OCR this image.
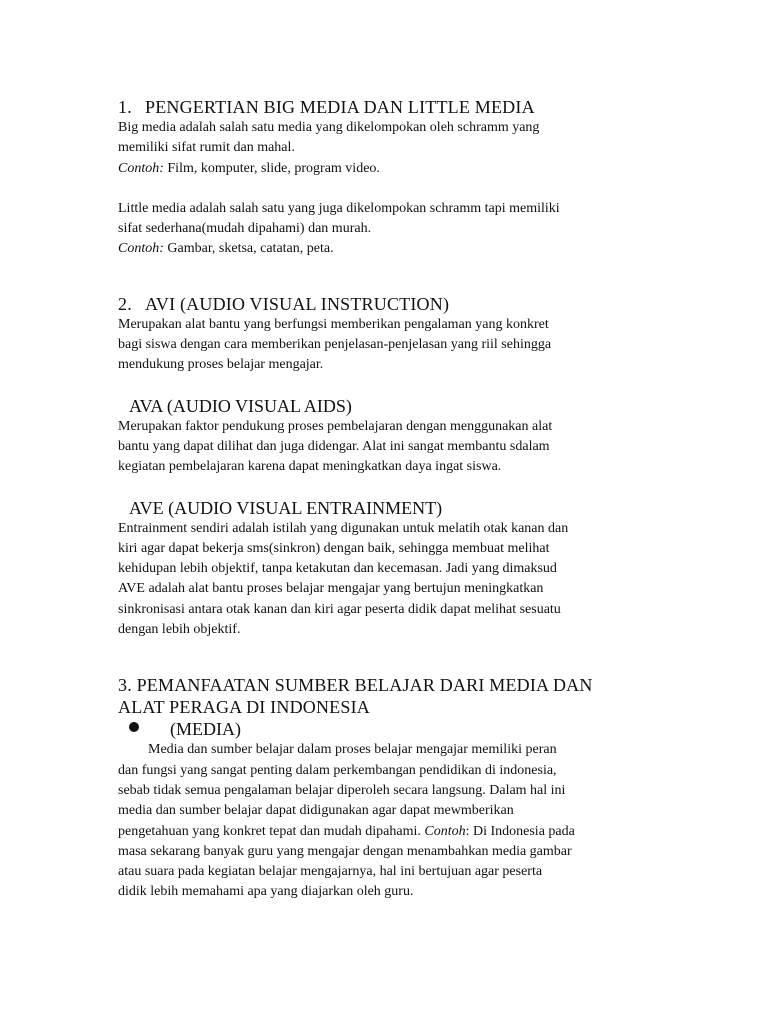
1. PENGERTIAN BIG MEDIA DAN LITTLE MEDIA
Big media adalah salah satu media yang dikelompokan oleh schramm yang
memiliki sifat rumit dan mahal.
Contoh: Film, komputer, slide, program video.
Little media adalah salah satu yang juga dikelompokan schramm tapi memiliki
sifat sederhana(mudah dipahami) dan murah.
Contoh: Gambar, sketsa, catatan, peta.
2. AVI (AUDIO VISUAL INSTRUCTION)
Merupakan alat bantu yang berfungsi memberikan pengalaman yang konkret
bagi siswa dengan cara memberikan penjelasan-penjelasan yang riil sehingga
mendukung proses belajar mengajar.
AVA (AUDIO VISUAL AIDS)
Merupakan faktor pendukung proses pembelajaran dengan menggunakan alat
bantu yang dapat dilihat dan juga didengar. Alat ini sangat membantu sdalam
kegiatan pembelajaran karena dapat meningkatkan daya ingat siswa.
AVE (AUDIO VISUAL ENTRAINMENT)
Entrainment sendiri adalah istilah yang digunakan untuk melatih otak kanan dan
kiri agar dapat bekerja sms(sinkron) dengan baik, sehingga membuat melihat
kehidupan lebih objektif, tanpa ketakutan dan kecemasan. Jadi yang dimaksud
AVE adalah alat bantu proses belajar mengajar yang bertujun meningkatkan
sinkronisasi antara otak kanan dan kiri agar peserta didik dapat melihat sesuatu
dengan lebih objektif.
3. PEMANFAATAN SUMBER BELAJAR DARI MEDIA DAN
ALAT PERAGA DI INDONESIA
(MEDIA)
Media dan sumber belajar dalam proses belajar mengajar memiliki peran
dan fungsi yang sangat penting dalam perkembangan pendidikan di indonesia,
sebab tidak semua pengalaman belajar diperoleh secara langsung. Dalam hal ini
media dan sumber belajar dapat didigunakan agar dapat mewmberikan
pengetahuan yang konkret tepat dan mudah dipahami. Contoh: Di Indonesia pada
masa sekarang banyak guru yang mengajar dengan menambahkan media gambar
atau suara pada kegiatan belajar mengajarnya, hal ini bertujuan agar peserta
didik lebih memahami apa yang diajarkan oleh guru.
